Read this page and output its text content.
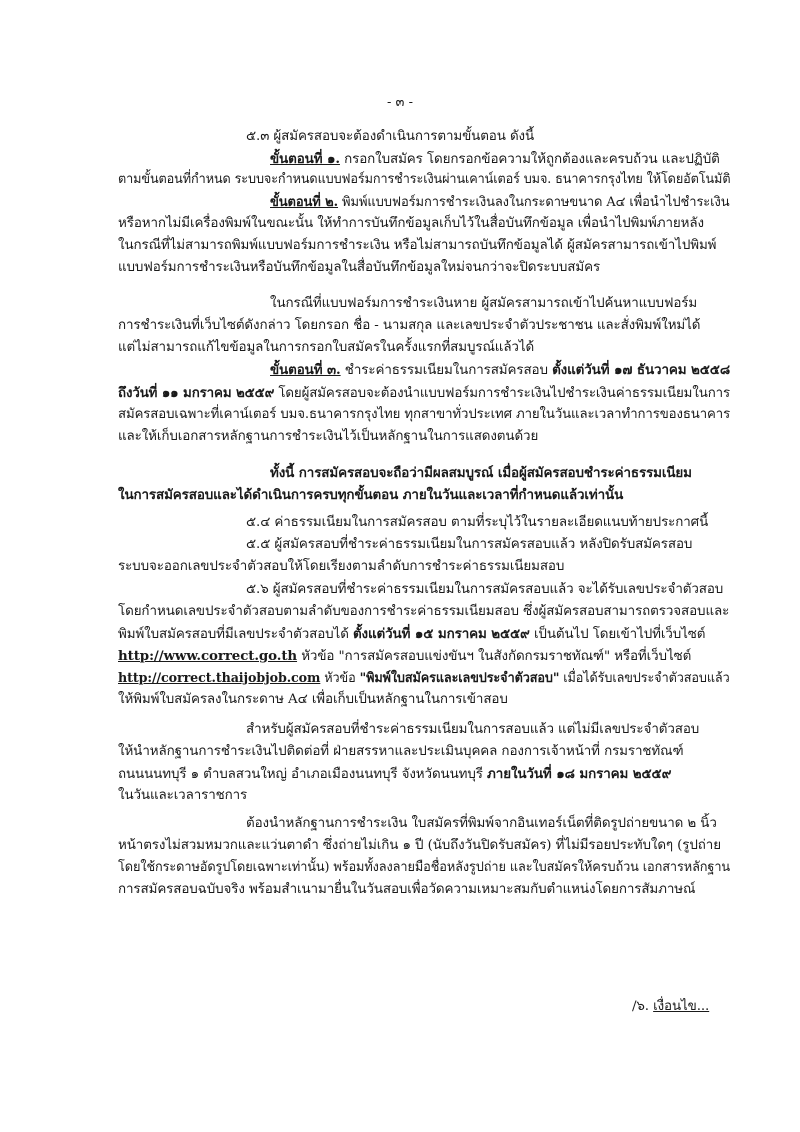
- ๓ -
๕.๓ ผู้สมัครสอบจะต้องดำเนินการตามขั้นตอน ดังนี้
ขั้นตอนที่ ๑. กรอกใบสมัคร โดยกรอกข้อความให้ถูกต้องและครบถ้วน และปฏิบัติ
ตามขั้นตอนที่กำหนด ระบบจะกำหนดแบบฟอร์มการชำระเงินผ่านเคาน์เตอร์ บมจ. ธนาคารกรุงไทย ให้โดยอัตโนมัติ
ขั้นตอนที่ ๒. พิมพ์แบบฟอร์มการชำระเงินลงในกระดาษขนาด A๔ เพื่อนำไปชำระเงิน
หรือหากไม่มีเครื่องพิมพ์ในขณะนั้น ให้ทำการบันทึกข้อมูลเก็บไว้ในสื่อบันทึกข้อมูล เพื่อนำไปพิมพ์ภายหลัง
ในกรณีที่ไม่สามารถพิมพ์แบบฟอร์มการชำระเงิน หรือไม่สามารถบันทึกข้อมูลได้ ผู้สมัครสามารถเข้าไปพิมพ์
แบบฟอร์มการชำระเงินหรือบันทึกข้อมูลในสื่อบันทึกข้อมูลใหม่จนกว่าจะปิดระบบสมัคร
ในกรณีที่แบบฟอร์มการชำระเงินหาย ผู้สมัครสามารถเข้าไปค้นหาแบบฟอร์ม
การชำระเงินที่เว็บไซต์ดังกล่าว โดยกรอก ชื่อ - นามสกุล และเลขประจำตัวประชาชน และสั่งพิมพ์ใหม่ได้
แต่ไม่สามารถแก้ไขข้อมูลในการกรอกใบสมัครในครั้งแรกที่สมบูรณ์แล้วได้
ขั้นตอนที่ ๓. ชำระค่าธรรมเนียมในการสมัครสอบ ตั้งแต่วันที่ ๑๗ ธันวาคม ๒๕๕๘
ถึงวันที่ ๑๑ มกราคม ๒๕๕๙ โดยผู้สมัครสอบจะต้องนำแบบฟอร์มการชำระเงินไปชำระเงินค่าธรรมเนียมในการ
สมัครสอบเฉพาะที่เคาน์เตอร์ บมจ.ธนาคารกรุงไทย ทุกสาขาทั่วประเทศ ภายในวันและเวลาทำการของธนาคาร
และให้เก็บเอกสารหลักฐานการชำระเงินไว้เป็นหลักฐานในการแสดงตนด้วย
ทั้งนี้ การสมัครสอบจะถือว่ามีผลสมบูรณ์ เมื่อผู้สมัครสอบชำระค่าธรรมเนียม
ในการสมัครสอบและได้ดำเนินการครบทุกขั้นตอน ภายในวันและเวลาที่กำหนดแล้วเท่านั้น
๕.๔ ค่าธรรมเนียมในการสมัครสอบ ตามที่ระบุไว้ในรายละเอียดแนบท้ายประกาศนี้
๕.๕ ผู้สมัครสอบที่ชำระค่าธรรมเนียมในการสมัครสอบแล้ว หลังปิดรับสมัครสอบ
ระบบจะออกเลขประจำตัวสอบให้โดยเรียงตามลำดับการชำระค่าธรรมเนียมสอบ
๕.๖ ผู้สมัครสอบที่ชำระค่าธรรมเนียมในการสมัครสอบแล้ว จะได้รับเลขประจำตัวสอบ
โดยกำหนดเลขประจำตัวสอบตามลำดับของการชำระค่าธรรมเนียมสอบ ซึ่งผู้สมัครสอบสามารถตรวจสอบและ
พิมพ์ใบสมัครสอบที่มีเลขประจำตัวสอบได้ ตั้งแต่วันที่ ๑๕ มกราคม ๒๕๕๙ เป็นต้นไป โดยเข้าไปที่เว็บไซต์
http://www.correct.go.th หัวข้อ "การสมัครสอบแข่งขันฯ ในสังกัดกรมราชทัณฑ์" หรือที่เว็บไซต์
http://correct.thaijobjob.com หัวข้อ "พิมพ์ใบสมัครและเลขประจำตัวสอบ" เมื่อได้รับเลขประจำตัวสอบแล้ว
ให้พิมพ์ใบสมัครลงในกระดาษ A๔ เพื่อเก็บเป็นหลักฐานในการเข้าสอบ
สำหรับผู้สมัครสอบที่ชำระค่าธรรมเนียมในการสอบแล้ว แต่ไม่มีเลขประจำตัวสอบ
ให้นำหลักฐานการชำระเงินไปติดต่อที่ ฝ่ายสรรหาและประเมินบุคคล กองการเจ้าหน้าที่ กรมราชทัณฑ์
ถนนนนทบุรี ๑ ตำบลสวนใหญ่ อำเภอเมืองนนทบุรี จังหวัดนนทบุรี ภายในวันที่ ๑๘ มกราคม ๒๕๕๙
ในวันและเวลาราชการ
ต้องนำหลักฐานการชำระเงิน ใบสมัครที่พิมพ์จากอินเทอร์เน็ตที่ติดรูปถ่ายขนาด ๒ นิ้ว
หน้าตรงไม่สวมหมวกและแว่นตาดำ ซึ่งถ่ายไม่เกิน ๑ ปี (นับถึงวันปิดรับสมัคร) ที่ไม่มีรอยประทับใดๆ (รูปถ่าย
โดยใช้กระดาษอัดรูปโดยเฉพาะเท่านั้น) พร้อมทั้งลงลายมือชื่อหลังรูปถ่าย และใบสมัครให้ครบถ้วน เอกสารหลักฐาน
การสมัครสอบฉบับจริง พร้อมสำเนามายื่นในวันสอบเพื่อวัดความเหมาะสมกับตำแหน่งโดยการสัมภาษณ์
/๖. เงื่อนไข...
